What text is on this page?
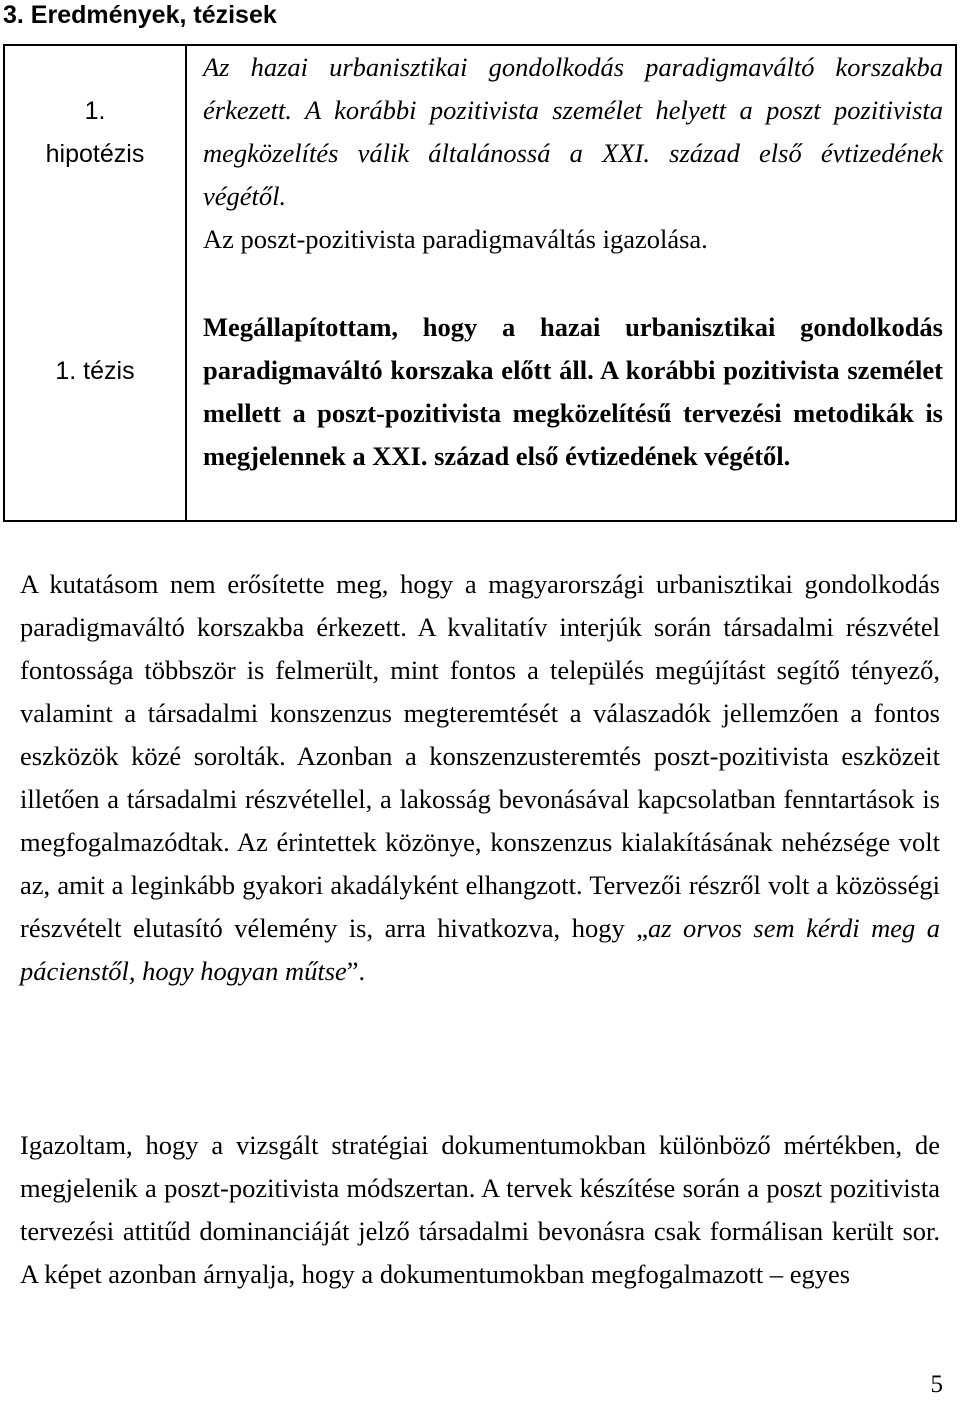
3. Eredmények, tézisek
1.
hipotézis
Az hazai urbanisztikai gondolkodás paradigmaváltó korszakba érkezett. A korábbi pozitivista személet helyett a poszt pozitivista megközelítés válik általánossá a XXI. század első évtizedének végétől.
Az poszt-pozitivista paradigmaváltás igazolása.
1. tézis
Megállapítottam, hogy a hazai urbanisztikai gondolkodás paradigmaváltó korszaka előtt áll. A korábbi pozitivista személet mellett a poszt-pozitivista megközelítésű tervezési metodikák is megjelennek a XXI. század első évtizedének végétől.

A kutatásom nem erősítette meg, hogy a magyarországi urbanisztikai gondolkodás paradigmaváltó korszakba érkezett. A kvalitatív interjúk során társadalmi részvétel fontossága többször is felmerült, mint fontos a település megújítást segítő tényező, valamint a társadalmi konszenzus megteremtését a válaszadók jellemzően a fontos eszközök közé sorolták. Azonban a konszenzusteremtés poszt-pozitivista eszközeit illetően a társadalmi részvétellel, a lakosság bevonásával kapcsolatban fenntartások is megfogalmazódtak. Az érintettek közönye, konszenzus kialakításának nehézsége volt az, amit a leginkább gyakori akadályként elhangzott. Tervezői részről volt a közösségi részvételt elutasító vélemény is, arra hivatkozva, hogy „az orvos sem kérdi meg a pácienstől, hogy hogyan műtse”.

Igazoltam, hogy a vizsgált stratégiai dokumentumokban különböző mértékben, de megjelenik a poszt-pozitivista módszertan. A tervek készítése során a poszt pozitivista tervezési attitűd dominanciáját jelző társadalmi bevonásra csak formálisan került sor. A képet azonban árnyalja, hogy a dokumentumokban megfogalmazott – egyes

5
